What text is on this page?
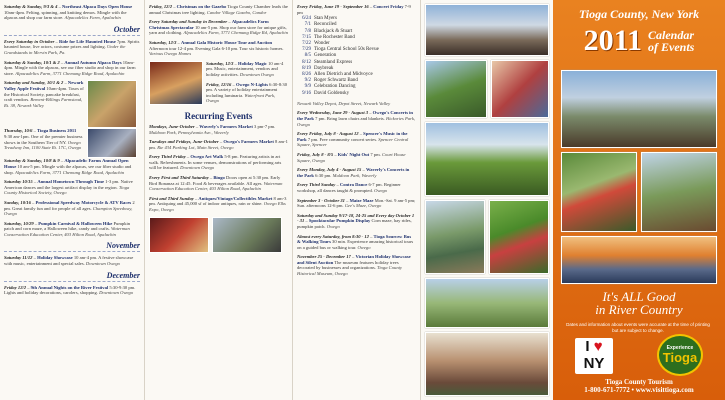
Saturday & Sunday, 9/3 & 4 – Northeast Alpaca Days Open House 10am-4pm. Felting, spinning, and knitting demos. Mingle with the alpacas and shop our farm store. Alpacadelics Farm, Apalachin
October
Every Saturday in October – Ride for Life Haunted House 7pm. Spirits haunted house, live actors, costume prizes and lighting. Under the Grandstands in Mervin Park, Pa.
Saturday & Sunday, 10/1 & 2 – Annual Autumn Alpaca Days 10am-4pm. Mingle with the alpacas, see our fiber studio and shop in our farm store. Alpacadelics Farm, 3771 Chemung Ridge Road, Apalachin
Saturday and Sunday, 10/1 & 2 – Newark Valley Apple Festival 10am-4pm. Tours of the Historical Society, pancake breakfast, craft vendors. Bement-Billings Farmstead, Rt. 38, Newark Valley
Thursday, 10/6 – Tioga Business 2011 9:30 am-1pm. One of the premier business shows in the Southern Tier of NY. Owego Treadway Inn, 1100 State Rt. 17C, Owego
Saturday & Sunday, 10/8 & 9 – Alpacadelic Farms Annual Open House 10 am-5 pm. Mingle with the alpacas, see our fiber studio and shop. Alpacadelics Farm, 3771 Chemung Ridge Road, Apalachin
Saturday 10/15 – Annual Hometown Through Time 1-3 pm. Native American dances and the largest artifact display in the region. Tioga County Historical Society, Owego
Sunday, 10/16 – Professional Speedway Motorcycle & ATV Races 2 pm. Great family fun and for people of all ages. Champion Speedway, Owego
Saturday, 10/29 – Pumpkin Carnival & Halloween Hike Pumpkin patch and corn maze, a Halloween hike, candy and crafts. Waterman Conservation Education Center, 403 Hilton Road, Apalachin
November
Saturday 11/12 – Holiday Showcase 10 am-4 pm. A festive showcase with music, entertainment and special sales. Downtown Owego
December
Friday 12/2 – 9th Annual Nights on the River Festival 5:30-9:30 pm. Lights and holiday decorations, carolers, shopping. Downtown Owego
Friday, 12/2 – Christmas on the Gazebo Tioga County Chamber leads the annual Christmas tree lighting. Candor Village Gazebo, Candor
Every Saturday and Sunday in December – Alpacadelics Farm Christmas Spectacular 10 am-5 pm. Shop our farm store for unique gifts, yarn and clothing. Alpacadelics Farm, 3771 Chemung Ridge Rd, Apalachin
Saturday, 12/3 – Annual Gala Historic House Tour and Auction Afternoon tour 12-4 pm. Evening Gala 6-10 pm. Tour six historic homes. Various Owego Homes
Saturday, 12/3 – Holiday Magic 10 am-4 pm. Music, entertainment, vendors and holiday activities. Downtown Owego
Friday, 12/16 – Owego N-Lights 6:30-8:30 pm. A variety of holiday entertainment including luminaria. Waterfront Park, Owego
Recurring Events
Mondays, June-October – Waverly's Farmers Market 3 pm-7 pm. Muldoon Park, Pennsylvania Ave., Waverly
Tuesdays and Fridays, June-October – Owego's Farmers Market 8 am-1 pm. Rte 434 Parking Lot, Main Street, Owego
Every Third Friday – Owego Art Walk 5-8 pm. Featuring artists in art walk. Refreshments. In some venues, demonstrations of performing arts will be featured. Downtown Owego
Every First and Third Saturday – Bingo Doors open at 5:30 pm. Early Bird Bonanza at 12:45. Food & beverages available. All ages. Waterman Conservation Education Center, 403 Hilton Road, Apalachin
First and Third Sunday – Antiques/Vintage/Collectibles Market 8 am-3 pm. Antiquing and 45,000 sf of indoor antiques, rain or shine. Owego Elks Expo, Owego
Every Friday, June 19 - September 16 – Concert Friday 7-9 pm
6/24 Stan Myers
7/1 Reconciled
7/8 Blackjack & Stuart
7/15 The Rochester Band
7/22 Wonder
7/29 Tioga Central School 50s Revue
8/5 Generation
8/12 Steamland Express
8/19 Daybreak
8/26 Allen Dietrich and Midvoyce
9/2 Roger Schwartz Band
9/9 Celebration Dancing
9/16 David Goldensky
Newark Valley Depot, Depot Street, Newark Valley
Every Wednesday, June 29 - August 3 – Owego's Concerts in the Park 7 pm. Bring lawn chairs and blankets. Hickories Park, Owego
Every Friday, July 8 - August 12 – Spencer's Music in the Park 7 pm. Free community concert series. Spencer Central Square, Spencer
Friday, July 8 - 8/5 – Kids' Night Out 7 pm. Court House Square, Owego
Every Monday, July 4 - August 15 – Waverly's Concerts in the Park 6:30 pm. Muldoon Park, Waverly
Every Third Sunday – Contra Dance 6-7 pm. Beginner workshop, all dances taught & prompted. Owego
September 3 - October 31 – Maize Maze Mon.-Sat. 9 am-5 pm; Sun. afternoons 12-6 pm. Gee's Maze, Owego
Saturday and Sunday 9/17-18, 24-25 and Every day October 1 - 31 – Spooktacular Pumpkin Display Corn maze, hay rides, pumpkin patch. Owego
Almost every Saturday, from 8:30 - 12 – Tioga Sources: Bus & Walking Tours 30 min. Experience amazing historical tours on a guided bus or walking tour. Owego
November 25 - December 17 – Victorian Holiday Showcase and Silent Auction The museum features holiday trees decorated by businesses and organizations. Tioga County Historical Museum, Owego
Tioga County, New York
2011 Calendar
of Events
It's ALL Good
in River Country
Dates and information about events were accurate at the time of printing but are subject to change.
I ♥
NY
Experience
Tioga
Tioga County Tourism
1-800-671-7772 • www.visittioga.com
